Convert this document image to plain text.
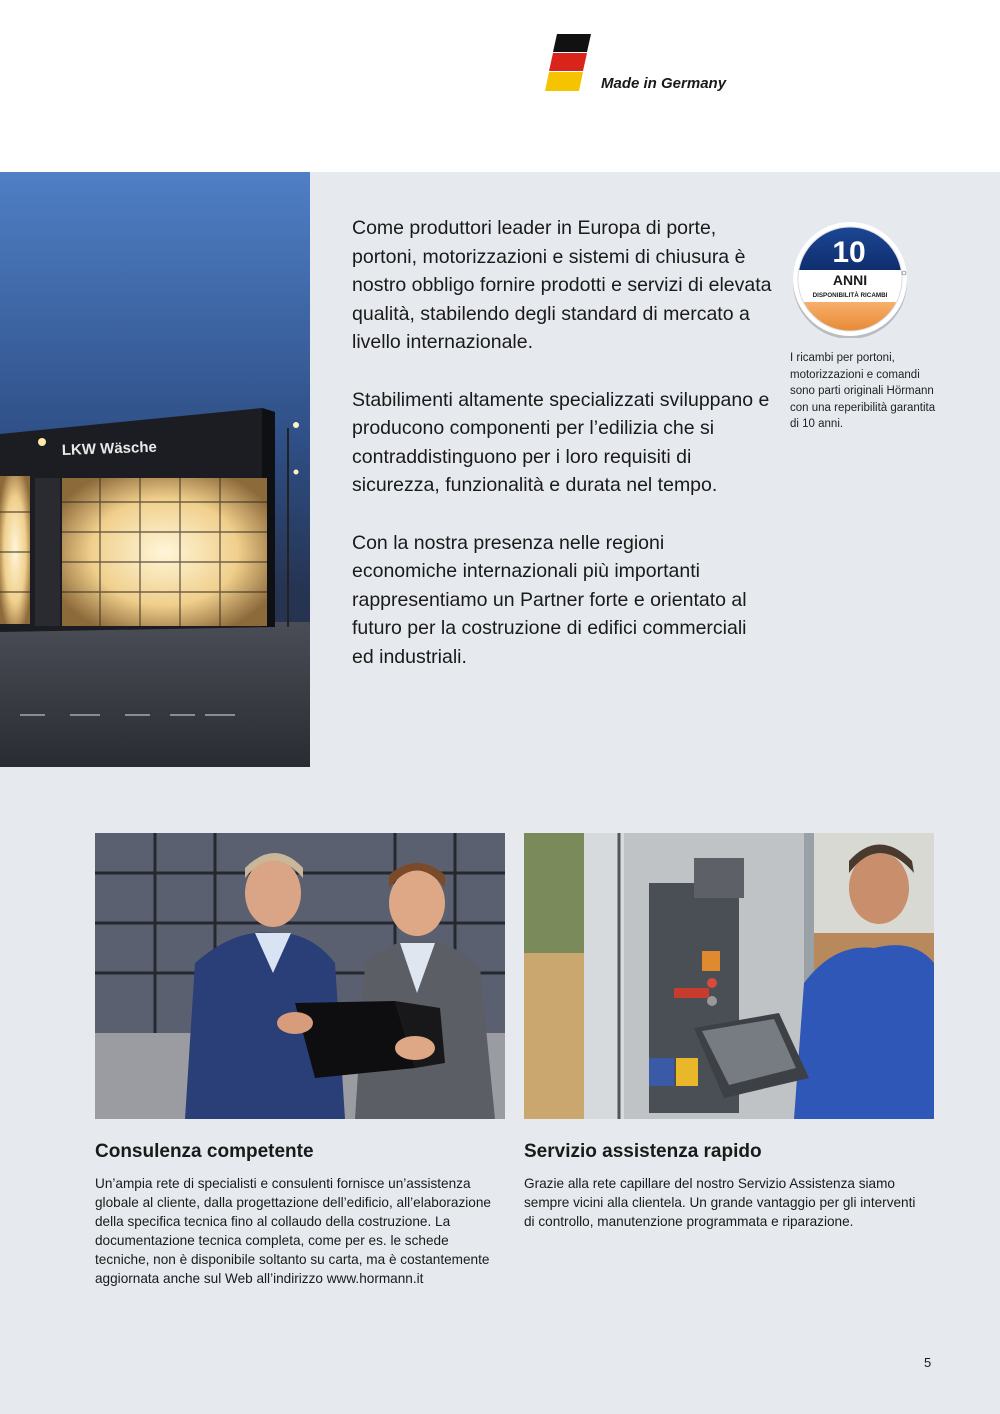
Made in Germany
LKW Wäsche

Come produttori leader in Europa di porte, portoni, motorizzazioni e sistemi di chiusura è nostro obbligo fornire prodotti e servizi di elevata qualità, stabilendo degli standard di mercato a livello internazionale.

Stabilimenti altamente specializzati sviluppano e producono componenti per l’edilizia che si contraddistinguono per i loro requisiti di sicurezza, funzionalità e durata nel tempo.

Con la nostra presenza nelle regioni economiche internazionali più importanti rappresentiamo un Partner forte e orientato al futuro per la costruzione di edifici commerciali ed industriali.

10
ANNI
DISPONIBILITÀ RICAMBI
I ricambi per portoni, motorizzazioni e comandi sono parti originali Hörmann con una reperibilità garantita di 10 anni.
Consulenza competente
Un’ampia rete di specialisti e consulenti fornisce un’assistenza globale al cliente, dalla progettazione dell’edificio, all’elaborazione della specifica tecnica fino al collaudo della costruzione. La documentazione tecnica completa, come per es. le schede tecniche, non è disponibile soltanto su carta, ma è costantemente aggiornata anche sul Web all’indirizzo www.hormann.it
Servizio assistenza rapido
Grazie alla rete capillare del nostro Servizio Assistenza siamo sempre vicini alla clientela. Un grande vantaggio per gli interventi di controllo, manutenzione programmata e riparazione.
5
